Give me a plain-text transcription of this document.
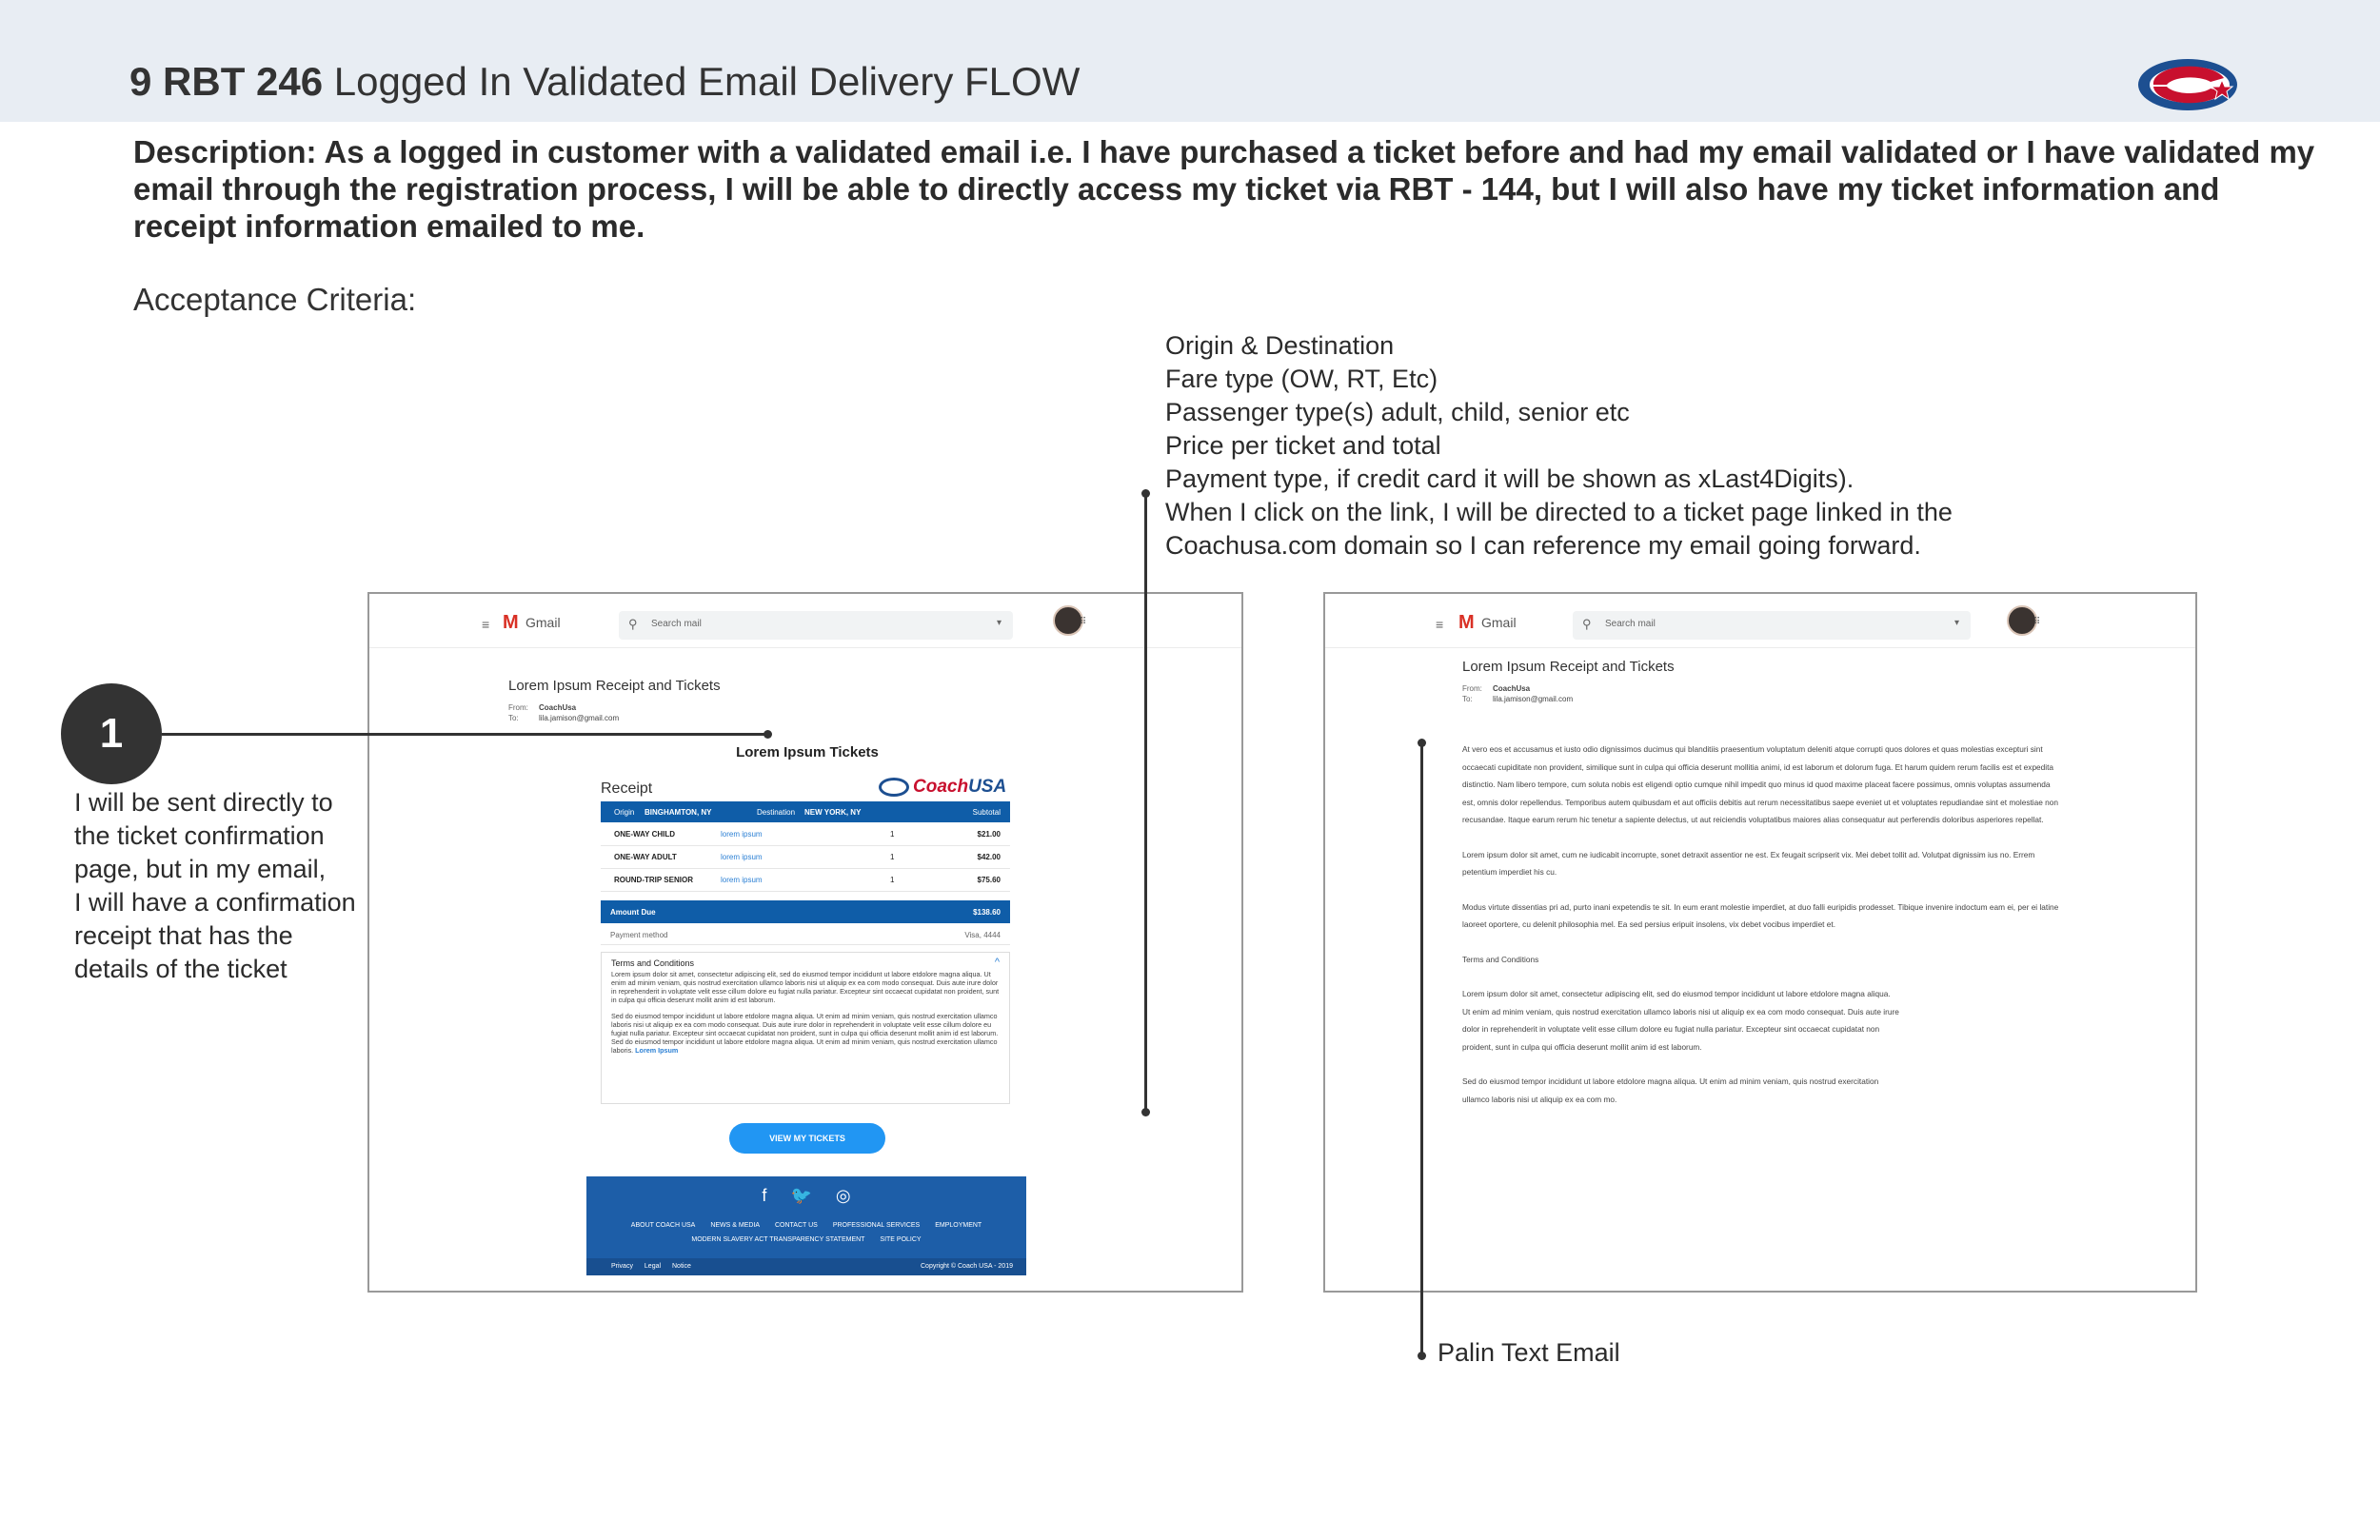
9 RBT 246 Logged In Validated Email Delivery FLOW
Description: As a logged in customer with a validated email i.e. I have purchased a ticket before and had my email validated or I have validated my email through the registration process, I will be able to directly access my ticket via RBT - 144, but I will also have my ticket information and receipt information emailed to me.
Acceptance Criteria:
Origin & Destination
Fare type (OW, RT, Etc)
Passenger type(s) adult, child, senior etc
Price per ticket and total
Payment type, if credit card it will be shown as xLast4Digits).
When I click on the link, I will be directed to a ticket page linked in the
Coachusa.com domain so I can reference my email going forward.
≡ M Gmail	⚲ Search mail	▾	⠿
Lorem Ipsum Receipt and Tickets
From: CoachUsa
To:	lila.jamison@gmail.com
Lorem Ipsum Tickets
Receipt	CoachUSA
Origin BINGHAMTON, NY	Destination NEW YORK, NY	Subtotal
ONE-WAY CHILD	lorem ipsum	1	$21.00
ONE-WAY ADULT	lorem ipsum	1	$42.00
ROUND-TRIP SENIOR	lorem ipsum	1	$75.60
Amount Due	$138.60
Payment method	Visa, 4444
Terms and Conditions	^

Lorem ipsum dolor sit amet, consectetur adipiscing elit, sed do eiusmod tempor incididunt ut labore etdolore magna aliqua. Ut enim ad minim veniam, quis nostrud exercitation ullamco laboris nisi ut aliquip ex ea com modo consequat. Duis aute irure dolor in reprehenderit in voluptate velit esse cillum dolore eu fugiat nulla pariatur. Excepteur sint occaecat cupidatat non proident, sunt in culpa qui officia deserunt mollit anim id est laborum.

Sed do eiusmod tempor incididunt ut labore etdolore magna aliqua. Ut enim ad minim veniam, quis nostrud exercitation ullamco laboris nisi ut aliquip ex ea com modo consequat. Duis aute irure dolor in reprehenderit in voluptate velit esse cillum dolore eu fugiat nulla pariatur. Excepteur sint occaecat cupidatat non proident, sunt in culpa qui officia deserunt mollit anim id est laborum. Sed do eiusmod tempor incididunt ut labore etdolore magna aliqua. Ut enim ad minim veniam, quis nostrud exercitation ullamco laboris. Lorem Ipsum

VIEW MY TICKETS
f 🐦 ◎
ABOUT COACH USA NEWS & MEDIA CONTACT US PROFESSIONAL SERVICES EMPLOYMENT
MODERN SLAVERY ACT TRANSPARENCY STATEMENT SITE POLICY
Privacy Legal Notice	Copyright © Coach USA - 2019
≡ M Gmail	⚲ Search mail	▾	⠿
Lorem Ipsum Receipt and Tickets
From: CoachUsa
To:	lila.jamison@gmail.com

At vero eos et accusamus et iusto odio dignissimos ducimus qui blanditiis praesentium voluptatum deleniti atque corrupti quos dolores et quas molestias excepturi sint occaecati cupiditate non provident, similique sunt in culpa qui officia deserunt mollitia animi, id est laborum et dolorum fuga. Et harum quidem rerum facilis est et expedita distinctio. Nam libero tempore, cum soluta nobis est eligendi optio cumque nihil impedit quo minus id quod maxime placeat facere possimus, omnis voluptas assumenda est, omnis dolor repellendus. Temporibus autem quibusdam et aut officiis debitis aut rerum necessitatibus saepe eveniet ut et voluptates repudiandae sint et molestiae non recusandae. Itaque earum rerum hic tenetur a sapiente delectus, ut aut reiciendis voluptatibus maiores alias consequatur aut perferendis doloribus asperiores repellat.

Lorem ipsum dolor sit amet, cum ne iudicabit incorrupte, sonet detraxit assentior ne est. Ex feugait scripserit vix. Mei debet tollit ad. Volutpat dignissim ius no. Errem petentium imperdiet his cu.

Modus virtute dissentias pri ad, purto inani expetendis te sit. In eum erant molestie imperdiet, at duo falli euripidis prodesset. Tibique invenire indoctum eam ei, per ei latine laoreet oportere, cu delenit philosophia mel. Ea sed persius eripuit insolens, vix debet vocibus imperdiet et.

Terms and Conditions

Lorem ipsum dolor sit amet, consectetur adipiscing elit, sed do eiusmod tempor incididunt ut labore etdolore magna aliqua. Ut enim ad minim veniam, quis nostrud exercitation ullamco laboris nisi ut aliquip ex ea com modo consequat. Duis aute irure dolor in reprehenderit in voluptate velit esse cillum dolore eu fugiat nulla pariatur. Excepteur sint occaecat cupidatat non proident, sunt in culpa qui officia deserunt mollit anim id est laborum.

Sed do eiusmod tempor incididunt ut labore etdolore magna aliqua. Ut enim ad minim veniam, quis nostrud exercitation ullamco laboris nisi ut aliquip ex ea com mo.

1
I will be sent directly to
the ticket confirmation
page, but in my email,
I will have a confirmation
receipt that has the
details of the ticket
Palin Text Email
